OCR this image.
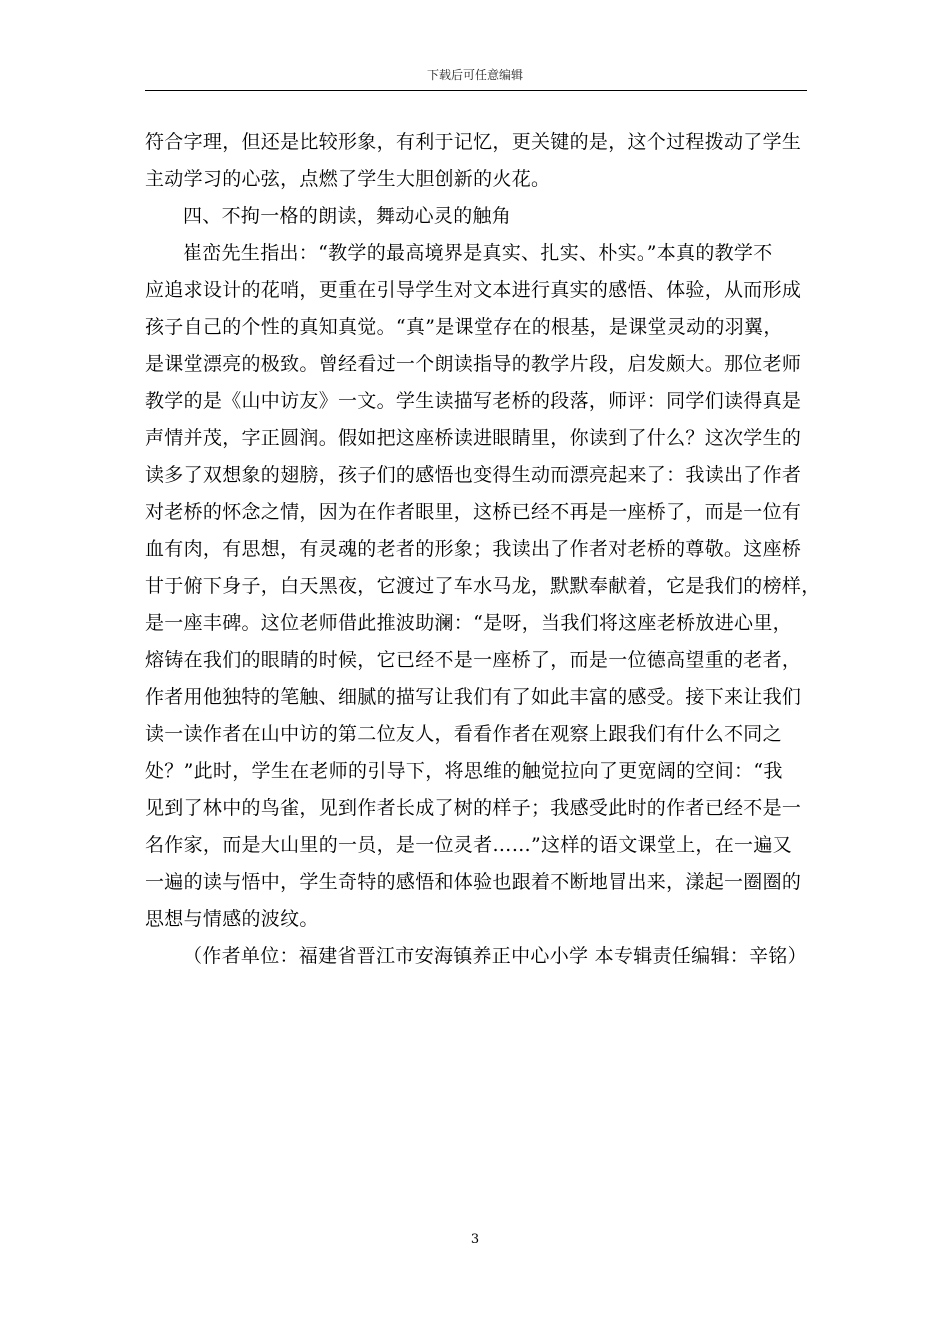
下载后可任意编辑

符合字理，但还是比较形象，有利于记忆，更关键的是，这个过程拨动了学生
主动学习的心弦，点燃了学生大胆创新的火花。

四、不拘一格的朗读，舞动心灵的触角

崔峦先生指出：“教学的最高境界是真实、扎实、朴实。”本真的教学不
应追求设计的花哨，更重在引导学生对文本进行真实的感悟、体验，从而形成
孩子自己的个性的真知真觉。“真”是课堂存在的根基，是课堂灵动的羽翼，
是课堂漂亮的极致。曾经看过一个朗读指导的教学片段，启发颇大。那位老师
教学的是《山中访友》一文。学生读描写老桥的段落，师评：同学们读得真是
声情并茂，字正圆润。假如把这座桥读进眼睛里，你读到了什么？这次学生的
读多了双想象的翅膀，孩子们的感悟也变得生动而漂亮起来了：我读出了作者
对老桥的怀念之情，因为在作者眼里，这桥已经不再是一座桥了，而是一位有
血有肉，有思想，有灵魂的老者的形象；我读出了作者对老桥的尊敬。这座桥
甘于俯下身子，白天黑夜，它渡过了车水马龙，默默奉献着，它是我们的榜样，
是一座丰碑。这位老师借此推波助澜：“是呀，当我们将这座老桥放进心里，
熔铸在我们的眼睛的时候，它已经不是一座桥了，而是一位德高望重的老者，
作者用他独特的笔触、细腻的描写让我们有了如此丰富的感受。接下来让我们
读一读作者在山中访的第二位友人，看看作者在观察上跟我们有什么不同之
处？”此时，学生在老师的引导下，将思维的触觉拉向了更宽阔的空间：“我
见到了林中的鸟雀，见到作者长成了树的样子；我感受此时的作者已经不是一
名作家，而是大山里的一员，是一位灵者……”这样的语文课堂上，在一遍又
一遍的读与悟中，学生奇特的感悟和体验也跟着不断地冒出来，漾起一圈圈的
思想与情感的波纹。

（作者单位：福建省晋江市安海镇养正中心小学 本专辑责任编辑：辛铭）

3
